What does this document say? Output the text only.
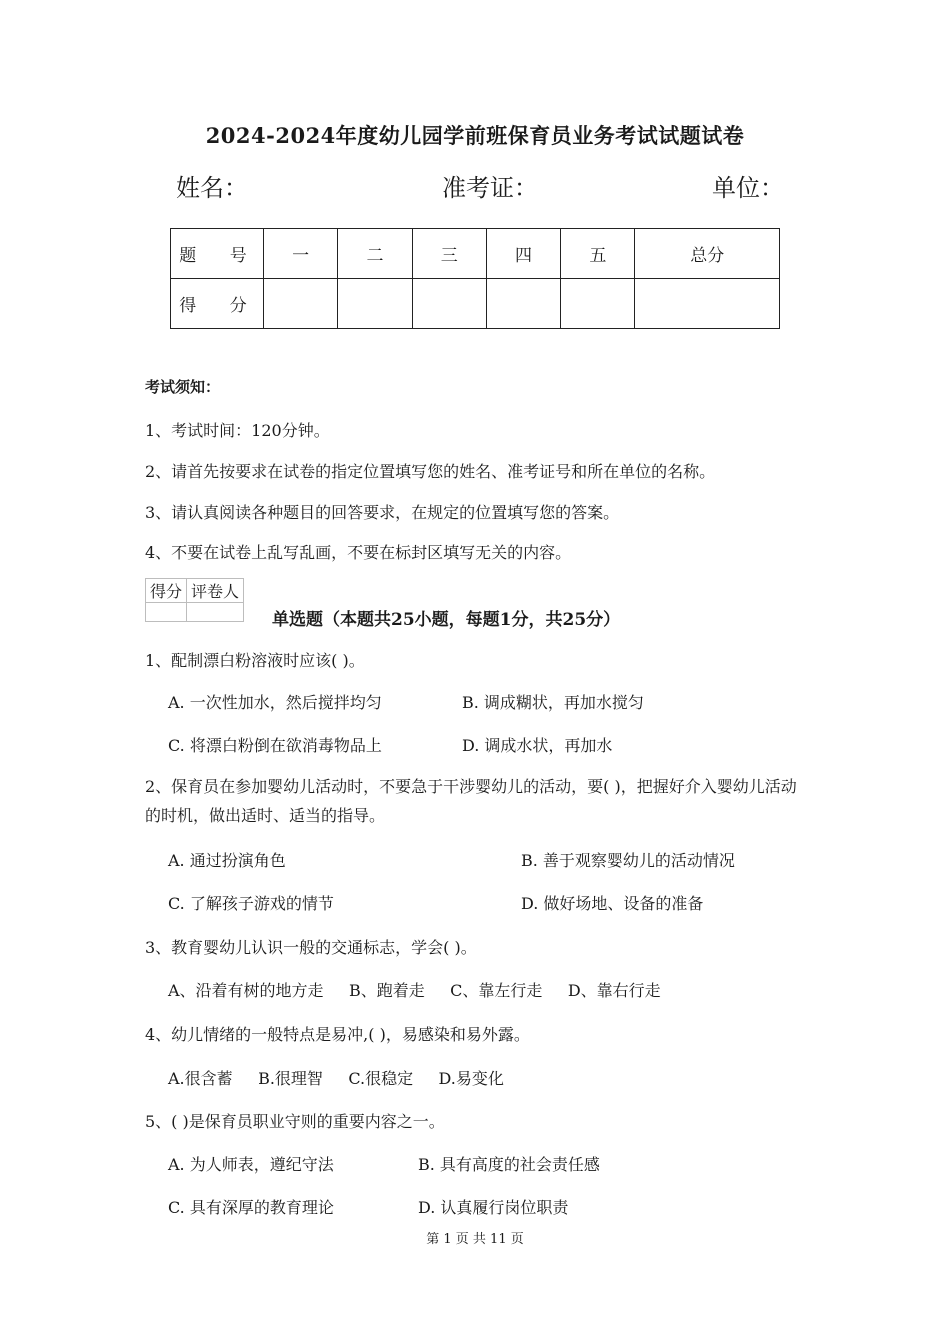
2024-2024年度幼儿园学前班保育员业务考试试题试卷
姓名：	准考证：	单位：
题 号	一	二	三	四	五	总分
得 分						
考试须知：
1、考试时间：120分钟。
2、请首先按要求在试卷的指定位置填写您的姓名、准考证号和所在单位的名称。
3、请认真阅读各种题目的回答要求，在规定的位置填写您的答案。
4、不要在试卷上乱写乱画，不要在标封区填写无关的内容。
得分	评卷人

单选题（本题共25小题，每题1分，共25分）
1、配制漂白粉溶液时应该( )。
A. 一次性加水，然后搅拌均匀	B. 调成糊状，再加水搅匀
C. 将漂白粉倒在欲消毒物品上	D. 调成水状，再加水
2、保育员在参加婴幼儿活动时，不要急于干涉婴幼儿的活动，要( )，把握好介入婴幼儿活动的时机，做出适时、适当的指导。
A. 通过扮演角色	B. 善于观察婴幼儿的活动情况
C. 了解孩子游戏的情节	D. 做好场地、设备的准备
3、教育婴幼儿认识一般的交通标志，学会( )。
A、沿着有树的地方走     B、跑着走     C、靠左行走     D、靠右行走
4、幼儿情绪的一般特点是易冲,( )，易感染和易外露。
A.很含蓄     B.很理智     C.很稳定     D.易变化
5、( )是保育员职业守则的重要内容之一。
A. 为人师表，遵纪守法	B. 具有高度的社会责任感
C. 具有深厚的教育理论	D. 认真履行岗位职责
第 1 页 共 11 页
